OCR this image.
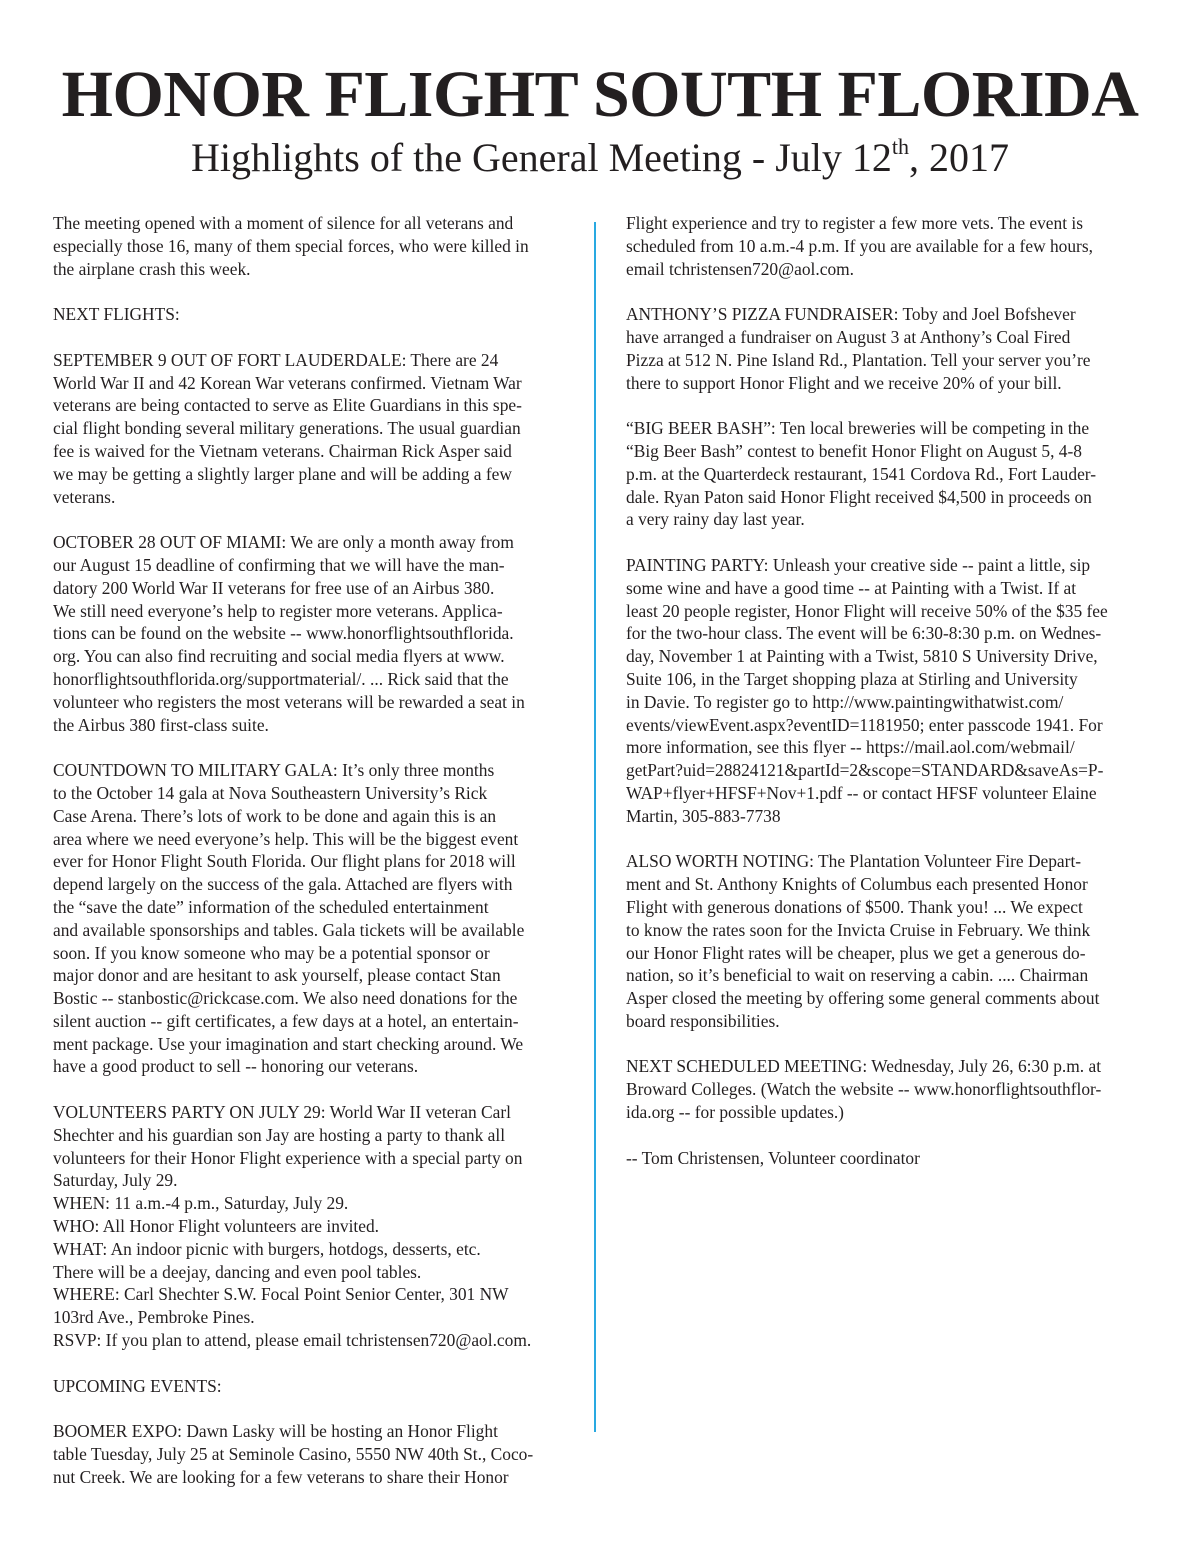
HONOR FLIGHT SOUTH FLORIDA
Highlights of the General Meeting - July 12th, 2017

The meeting opened with a moment of silence for all veterans and
especially those 16, many of them special forces, who were killed in
the airplane crash this week.

NEXT FLIGHTS:

SEPTEMBER 9 OUT OF FORT LAUDERDALE: There are 24
World War II and 42 Korean War veterans confirmed. Vietnam War
veterans are being contacted to serve as Elite Guardians in this spe-
cial flight bonding several military generations. The usual guardian
fee is waived for the Vietnam veterans. Chairman Rick Asper said
we may be getting a slightly larger plane and will be adding a few
veterans.

OCTOBER 28 OUT OF MIAMI: We are only a month away from
our August 15 deadline of confirming that we will have the man-
datory 200 World War II veterans for free use of an Airbus 380.
We still need everyone’s help to register more veterans. Applica-
tions can be found on the website -- www.honorflightsouthflorida.
org. You can also find recruiting and social media flyers at www.
honorflightsouthflorida.org/supportmaterial/. ... Rick said that the
volunteer who registers the most veterans will be rewarded a seat in
the Airbus 380 first-class suite.

COUNTDOWN TO MILITARY GALA: It’s only three months
to the October 14 gala at Nova Southeastern University’s Rick
Case Arena. There’s lots of work to be done and again this is an
area where we need everyone’s help. This will be the biggest event
ever for Honor Flight South Florida. Our flight plans for 2018 will
depend largely on the success of the gala. Attached are flyers with
the “save the date” information of the scheduled entertainment
and available sponsorships and tables. Gala tickets will be available
soon. If you know someone who may be a potential sponsor or
major donor and are hesitant to ask yourself, please contact Stan
Bostic -- stanbostic@rickcase.com. We also need donations for the
silent auction -- gift certificates, a few days at a hotel, an entertain-
ment package. Use your imagination and start checking around. We
have a good product to sell -- honoring our veterans.

VOLUNTEERS PARTY ON JULY 29: World War II veteran Carl
Shechter and his guardian son Jay are hosting a party to thank all
volunteers for their Honor Flight experience with a special party on
Saturday, July 29.
WHEN: 11 a.m.-4 p.m., Saturday, July 29.
WHO: All Honor Flight volunteers are invited.
WHAT: An indoor picnic with burgers, hotdogs, desserts, etc.
There will be a deejay, dancing and even pool tables.
WHERE: Carl Shechter S.W. Focal Point Senior Center, 301 NW
103rd Ave., Pembroke Pines.
RSVP: If you plan to attend, please email tchristensen720@aol.com.

UPCOMING EVENTS:

BOOMER EXPO: Dawn Lasky will be hosting an Honor Flight
table Tuesday, July 25 at Seminole Casino, 5550 NW 40th St., Coco-
nut Creek. We are looking for a few veterans to share their Honor

Flight experience and try to register a few more vets. The event is
scheduled from 10 a.m.-4 p.m. If you are available for a few hours,
email tchristensen720@aol.com.

ANTHONY’S PIZZA FUNDRAISER: Toby and Joel Bofshever
have arranged a fundraiser on August 3 at Anthony’s Coal Fired
Pizza at 512 N. Pine Island Rd., Plantation. Tell your server you’re
there to support Honor Flight and we receive 20% of your bill.

“BIG BEER BASH”: Ten local breweries will be competing in the
“Big Beer Bash” contest to benefit Honor Flight on August 5, 4-8
p.m. at the Quarterdeck restaurant, 1541 Cordova Rd., Fort Lauder-
dale. Ryan Paton said Honor Flight received $4,500 in proceeds on
a very rainy day last year.

PAINTING PARTY: Unleash your creative side -- paint a little, sip
some wine and have a good time -- at Painting with a Twist. If at
least 20 people register, Honor Flight will receive 50% of the $35 fee
for the two-hour class. The event will be 6:30-8:30 p.m. on Wednes-
day, November 1 at Painting with a Twist, 5810 S University Drive,
Suite 106, in the Target shopping plaza at Stirling and University
in Davie. To register go to http://www.paintingwithatwist.com/
events/viewEvent.aspx?eventID=1181950; enter passcode 1941. For
more information, see this flyer -- https://mail.aol.com/webmail/
getPart?uid=28824121&partId=2&scope=STANDARD&saveAs=P-
WAP+flyer+HFSF+Nov+1.pdf -- or contact HFSF volunteer Elaine
Martin, 305-883-7738

ALSO WORTH NOTING: The Plantation Volunteer Fire Depart-
ment and St. Anthony Knights of Columbus each presented Honor
Flight with generous donations of $500. Thank you! ... We expect
to know the rates soon for the Invicta Cruise in February. We think
our Honor Flight rates will be cheaper, plus we get a generous do-
nation, so it’s beneficial to wait on reserving a cabin. .... Chairman
Asper closed the meeting by offering some general comments about
board responsibilities.

NEXT SCHEDULED MEETING: Wednesday, July 26, 6:30 p.m. at
Broward Colleges. (Watch the website -- www.honorflightsouthflor-
ida.org -- for possible updates.)

-- Tom Christensen, Volunteer coordinator
